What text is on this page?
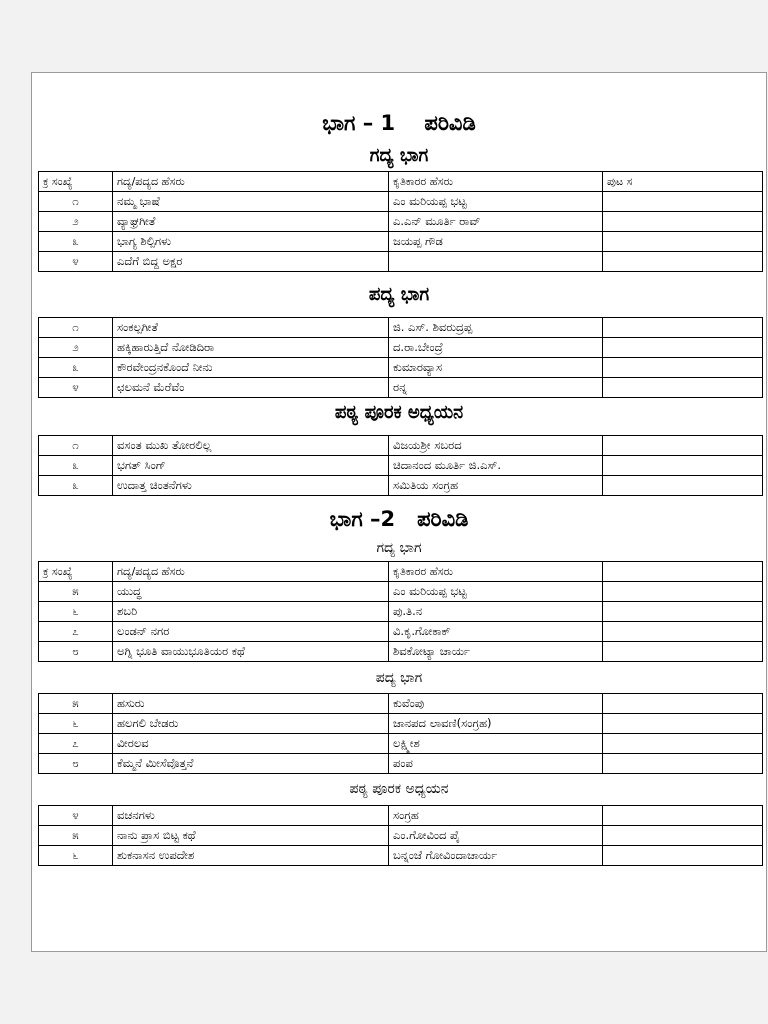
ಭಾಗ – 1    ಪರಿವಿಡಿ
ಗದ್ಯ ಭಾಗ
ಕ್ರ ಸಂಖ್ಯೆ	ಗದ್ಯ/ಪದ್ಯದ ಹೆಸರು	ಕೃತಿಕಾರರ ಹೆಸರು	ಪುಟ ಸ
೧	ನಮ್ಮ ಭಾಷೆ	ಎಂ ಮರಿಯಪ್ಪ ಭಟ್ಟ	
೨	ವ್ಯಾಘ್ರಗೀತೆ	ಎ.ಎನ್ ಮೂರ್ತಿ ರಾವ್	
೩	ಭಾಗ್ಯ ಶಿಲ್ಪಿಗಳು	ಜಯಪ್ಪ ಗೌಡ	
೪	ಎದೆಗೆ ಬಿದ್ದ ಅಕ್ಷರ		
ಪದ್ಯ ಭಾಗ
೧	ಸಂಕಲ್ಪಗೀತೆ	ಜಿ. ಎಸ್. ಶಿವರುದ್ರಪ್ಪ	
೨	ಹಕ್ಕಿಹಾರುತ್ತಿದೆ ನೋಡಿದಿರಾ	ದ.ರಾ.ಬೇಂದ್ರೆ	
೩	ಕೌರವೇಂದ್ರನಕೊಂದೆ ನೀನು	ಕುಮಾರವ್ಯಾಸ	
೪	ಛಲಮನೆ ಮೆರೆವೆಂ	ರನ್ನ	
ಪಠ್ಯ ಪೂರಕ ಅಧ್ಯಯನ
೧	ವಸಂತ ಮುಖ ತೋರಲಿಲ್ಲ	ವಿಜಯಶ್ರೀ ಸಬರದ	
೩	ಭಗತ್ ಸಿಂಗ್	ಚಿದಾನಂದ ಮೂರ್ತಿ ಜಿ.ಎಸ್.	
೩	ಉದಾತ್ತ ಚಿಂತನೆಗಳು	ಸಮಿತಿಯ ಸಂಗ್ರಹ	
ಭಾಗ –2   ಪರಿವಿಡಿ
ಗದ್ಯ ಭಾಗ
ಕ್ರ ಸಂಖ್ಯೆ	ಗದ್ಯ/ಪದ್ಯದ ಹೆಸರು	ಕೃತಿಕಾರರ ಹೆಸರು	
೫	ಯುದ್ಧ	ಎಂ ಮರಿಯಪ್ಪ ಭಟ್ಟ	
೬	ಶಬರಿ	ಪು.ತಿ.ನ	
೭	ಲಂಡನ್ ನಗರ	ವಿ.ಕೃ.ಗೋಕಾಕ್	
೮	ಅಗ್ನಿ ಭೂತಿ ವಾಯುಭೂತಿಯರ ಕಥೆ	ಶಿವಕೋಟ್ಯಾ ಚಾರ್ಯ	
ಪದ್ಯ ಭಾಗ
೫	ಹಸುರು	ಕುವೆಂಪು	
೬	ಹಲಗಲಿ ಬೇಡರು	ಜಾನಪದ ಲಾವಣಿ(ಸಂಗ್ರಹ)	
೭	ವೀರಲವ	ಲಕ್ಷ್ಮೀಶ	
೮	ಕೆಮ್ಮನೆ ಮೀಸೆವೊತ್ತನೆ	ಪಂಪ	
ಪಠ್ಯ ಪೂರಕ ಅಧ್ಯಯನ
೪	ವಚನಗಳು	ಸಂಗ್ರಹ	
೫	ನಾನು ಪ್ರಾಸ ಬಿಟ್ಟ ಕಥೆ	ಎಂ.ಗೋವಿಂದ ಪೈ	
೬	ಶುಕನಾಸನ ಉಪದೇಶ	ಬನ್ನಂಜೆ ಗೋವಿಂದಾಚಾರ್ಯ	
